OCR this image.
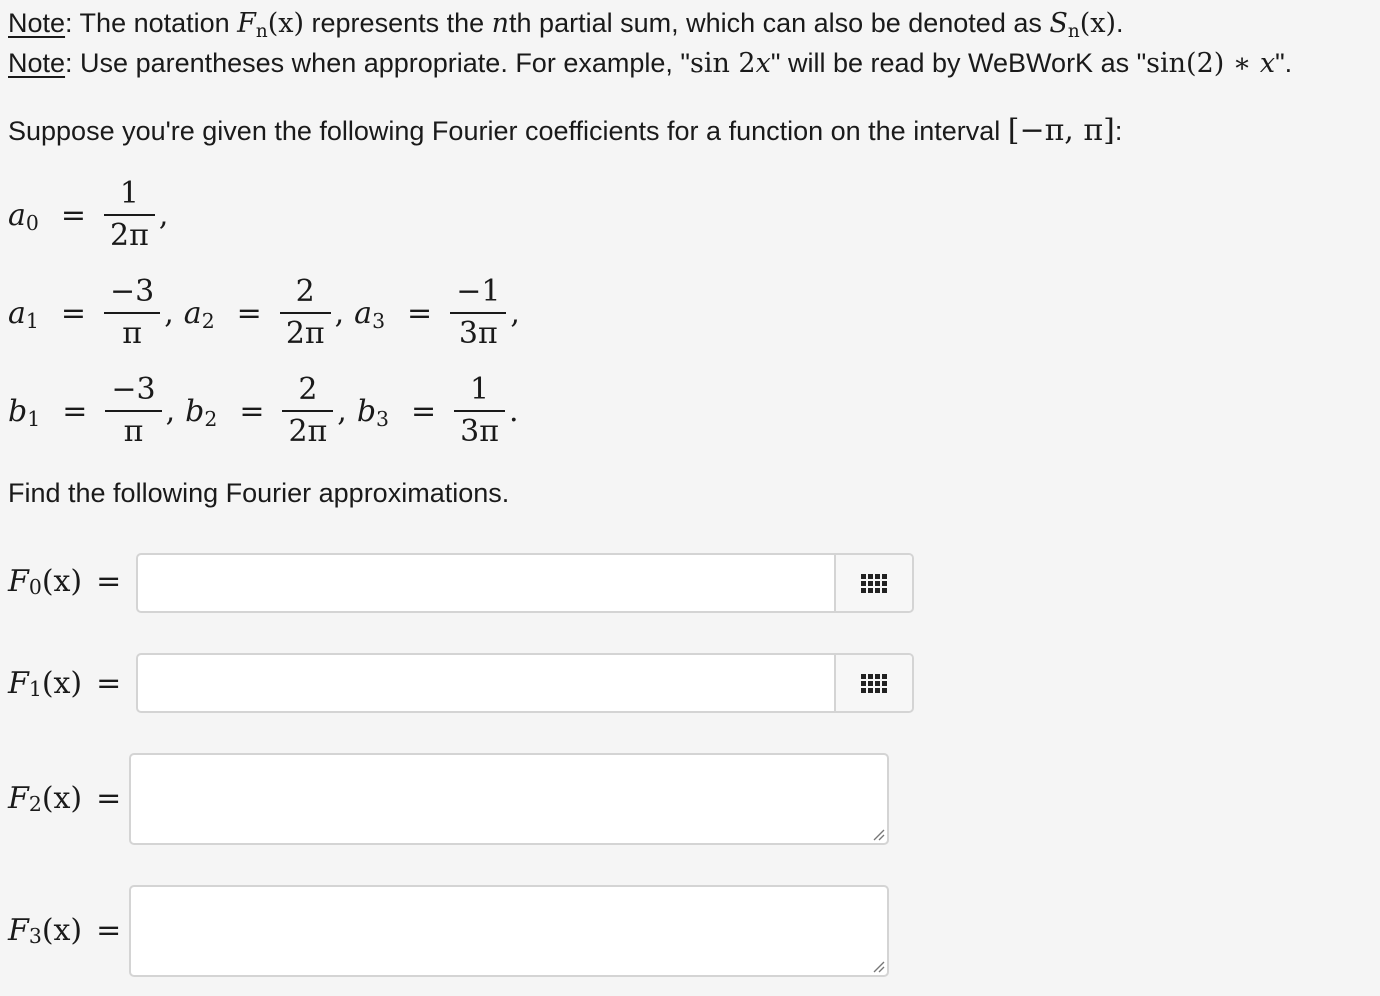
Note: The notation Fn(x) represents the nth partial sum, which can also be denoted as Sn(x).
Note: Use parentheses when appropriate. For example, "sin 2x" will be read by WeBWorK as "sin(2) ∗ x".
Suppose you're given the following Fourier coefficients for a function on the interval [−π, π]:
$a0 = \frac{1}{2\pi}$ ,
$a1 = \frac{-3}{\pi}$ , $a2 = \frac{2}{2\pi}$ , $a3 = \frac{-1}{3\pi}$ ,
$b1 = \frac{-3}{\pi}$ , $b2 = \frac{2}{2\pi}$ , $b3 = \frac{1}{3\pi}$ .
Find the following Fourier approximations.
F 0 (x) =
F 1 (x) =
F 2 (x) =
F 3 (x) =
